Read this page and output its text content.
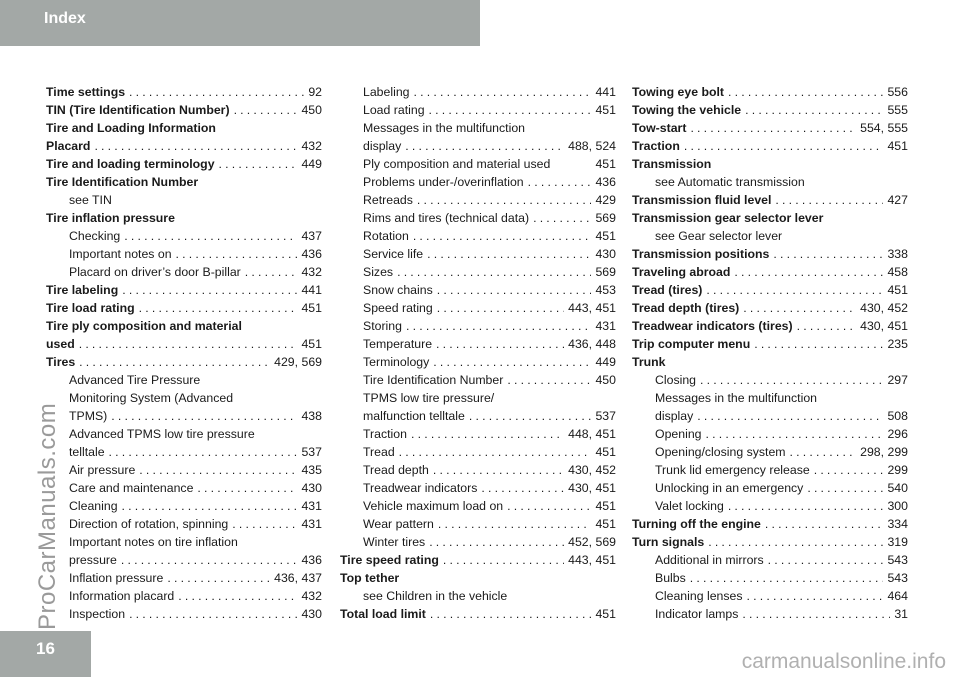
Index
Time settings .....	92
TIN (Tire Identification Number) .....	450
Tire and Loading Information
Placard .....	432
Tire and loading terminology .....	449
Tire Identification Number
see TIN
Tire inflation pressure
Checking .....	437
Important notes on .....	436
Placard on driver’s door B-pillar .....	432
Tire labeling .....	441
Tire load rating .....	451
Tire ply composition and material
used .....	451
Tires .....	429, 569
Advanced Tire Pressure
Monitoring System (Advanced
TPMS) .....	438
Advanced TPMS low tire pressure
telltale .....	537
Air pressure .....	435
Care and maintenance .....	430
Cleaning .....	431
Direction of rotation, spinning .....	431
Important notes on tire inflation
pressure .....	436
Inflation pressure .....	436, 437
Information placard .....	432
Inspection .....	430
Labeling .....	441
Load rating .....	451
Messages in the multifunction
display .....	488, 524
Ply composition and material used	451
Problems under-/overinflation .....	436
Retreads .....	429
Rims and tires (technical data) .....	569
Rotation .....	451
Service life .....	430
Sizes .....	569
Snow chains .....	453
Speed rating .....	443, 451
Storing .....	431
Temperature .....	436, 448
Terminology .....	449
Tire Identification Number .....	450
TPMS low tire pressure/
malfunction telltale .....	537
Traction .....	448, 451
Tread .....	451
Tread depth .....	430, 452
Treadwear indicators .....	430, 451
Vehicle maximum load on .....	451
Wear pattern .....	451
Winter tires .....	452, 569
Tire speed rating .....	443, 451
Top tether
see Children in the vehicle
Total load limit .....	451
Towing eye bolt .....	556
Towing the vehicle .....	555
Tow-start .....	554, 555
Traction .....	451
Transmission
see Automatic transmission
Transmission fluid level .....	427
Transmission gear selector lever
see Gear selector lever
Transmission positions .....	338
Traveling abroad .....	458
Tread (tires) .....	451
Tread depth (tires) .....	430, 452
Treadwear indicators (tires) .....	430, 451
Trip computer menu .....	235
Trunk
Closing .....	297
Messages in the multifunction
display .....	508
Opening .....	296
Opening/closing system .....	298, 299
Trunk lid emergency release .....	299
Unlocking in an emergency .....	540
Valet locking .....	300
Turning off the engine .....	334
Turn signals .....	319
Additional in mirrors .....	543
Bulbs .....	543
Cleaning lenses .....	464
Indicator lamps .....	31
16
ProCarManuals.com
carmanualsonline.info
